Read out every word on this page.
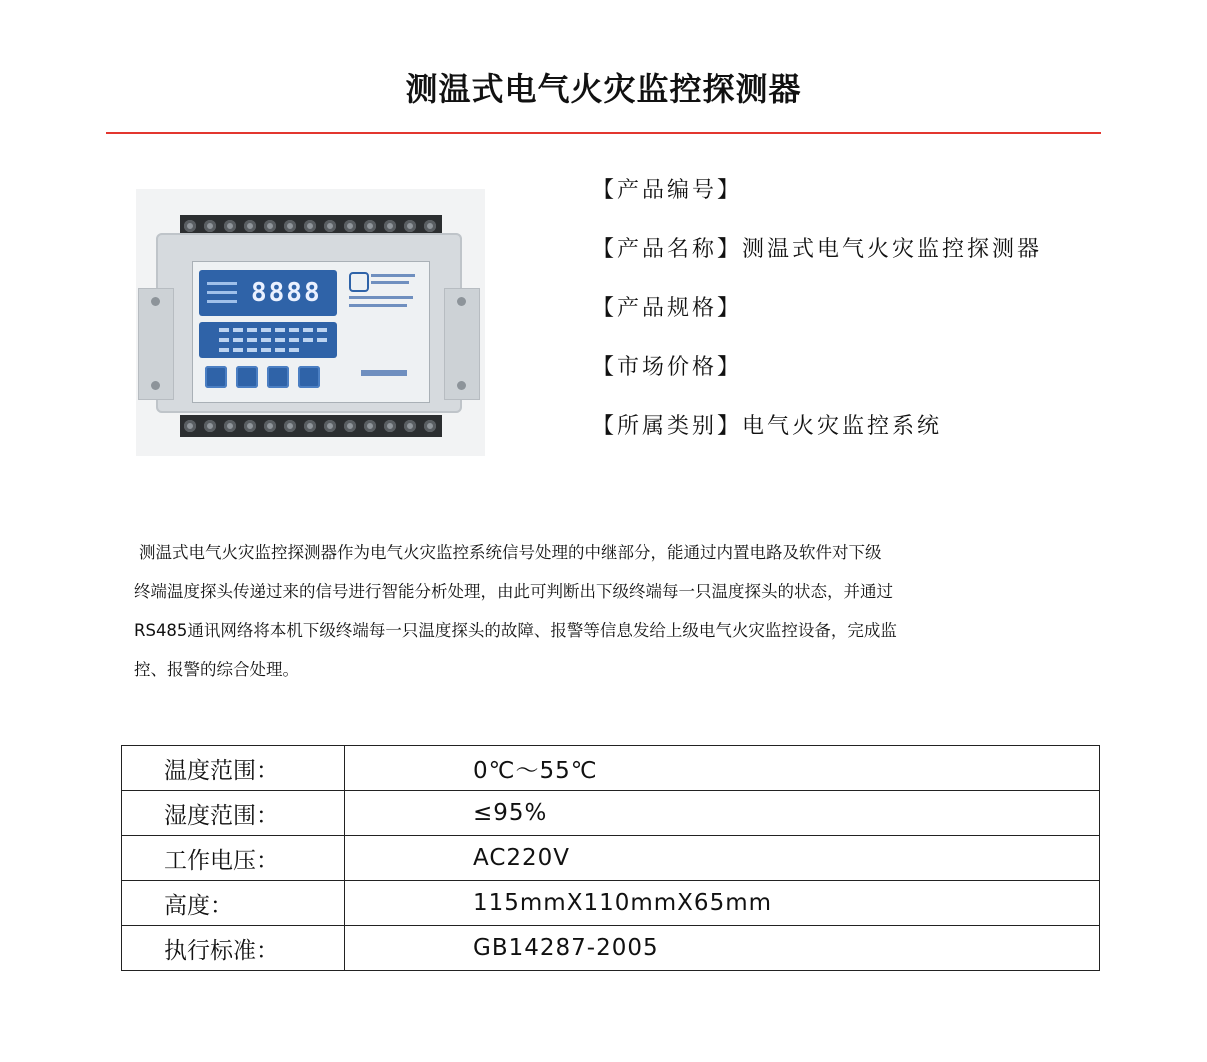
测温式电气火灾监控探测器
8888
【产品编号】
【产品名称】测温式电气火灾监控探测器
【产品规格】
【市场价格】
【所属类别】电气火灾监控系统
测温式电气火灾监控探测器作为电气火灾监控系统信号处理的中继部分，能通过内置电路及软件对下级
终端温度探头传递过来的信号进行智能分析处理，由此可判断出下级终端每一只温度探头的状态，并通过
RS485通讯网络将本机下级终端每一只温度探头的故障、报警等信息发给上级电气火灾监控设备，完成监
控、报警的综合处理。
温度范围：	0℃～55℃
湿度范围：	≤95%
工作电压：	AC220V
高度：	115mmX110mmX65mm
执行标准：	GB14287-2005
